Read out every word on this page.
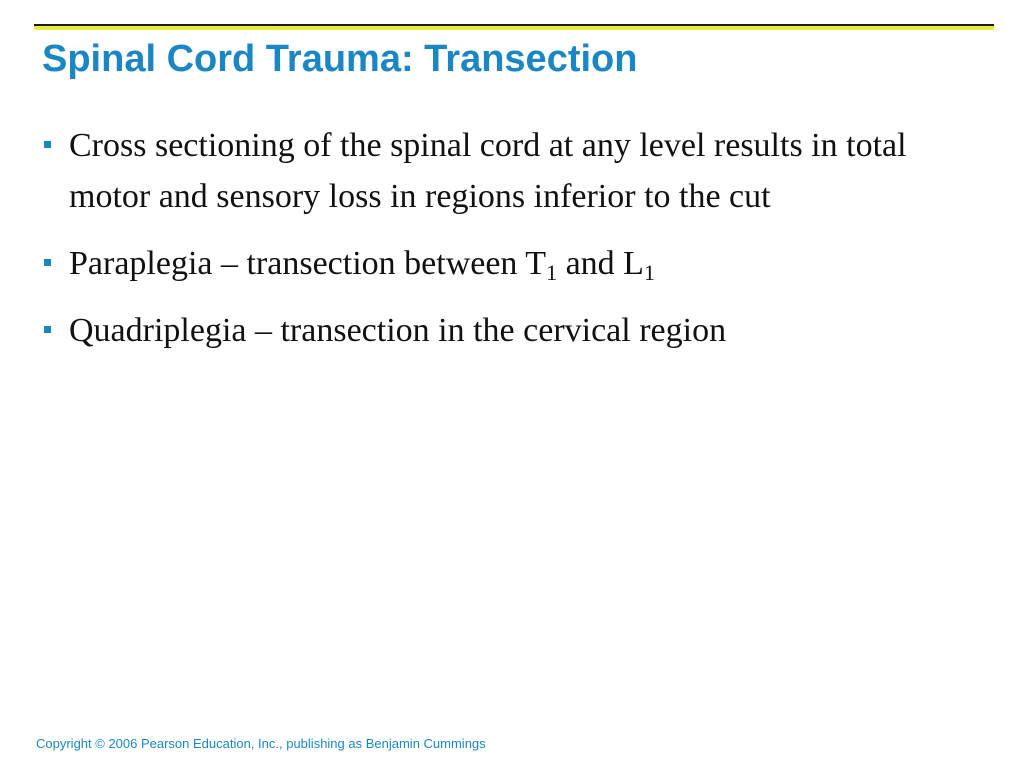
Spinal Cord Trauma: Transection
Cross sectioning of the spinal cord at any level results in total motor and sensory loss in regions inferior to the cut
Paraplegia – transection between $T_1$ and $L_1$
Quadriplegia – transection in the cervical region
Copyright © 2006 Pearson Education, Inc., publishing as Benjamin Cummings
